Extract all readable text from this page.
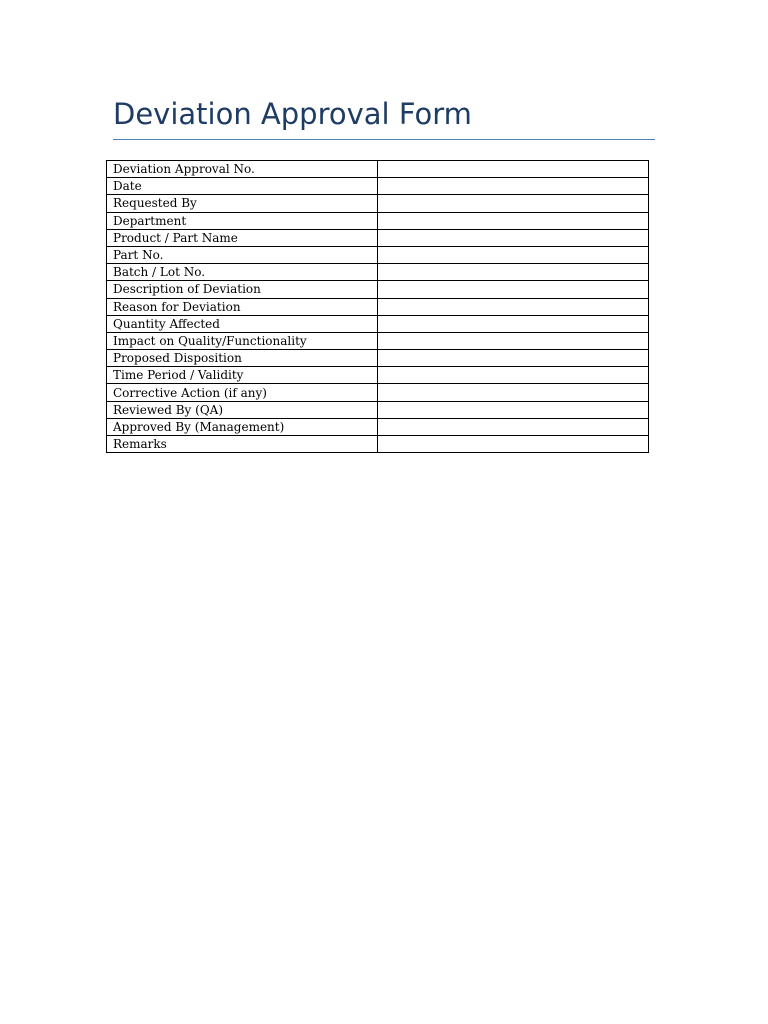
Deviation Approval Form
Deviation Approval No.	
Date	
Requested By	
Department	
Product / Part Name	
Part No.	
Batch / Lot No.	
Description of Deviation	
Reason for Deviation	
Quantity Affected	
Impact on Quality/Functionality	
Proposed Disposition	
Time Period / Validity	
Corrective Action (if any)	
Reviewed By (QA)	
Approved By (Management)	
Remarks	
